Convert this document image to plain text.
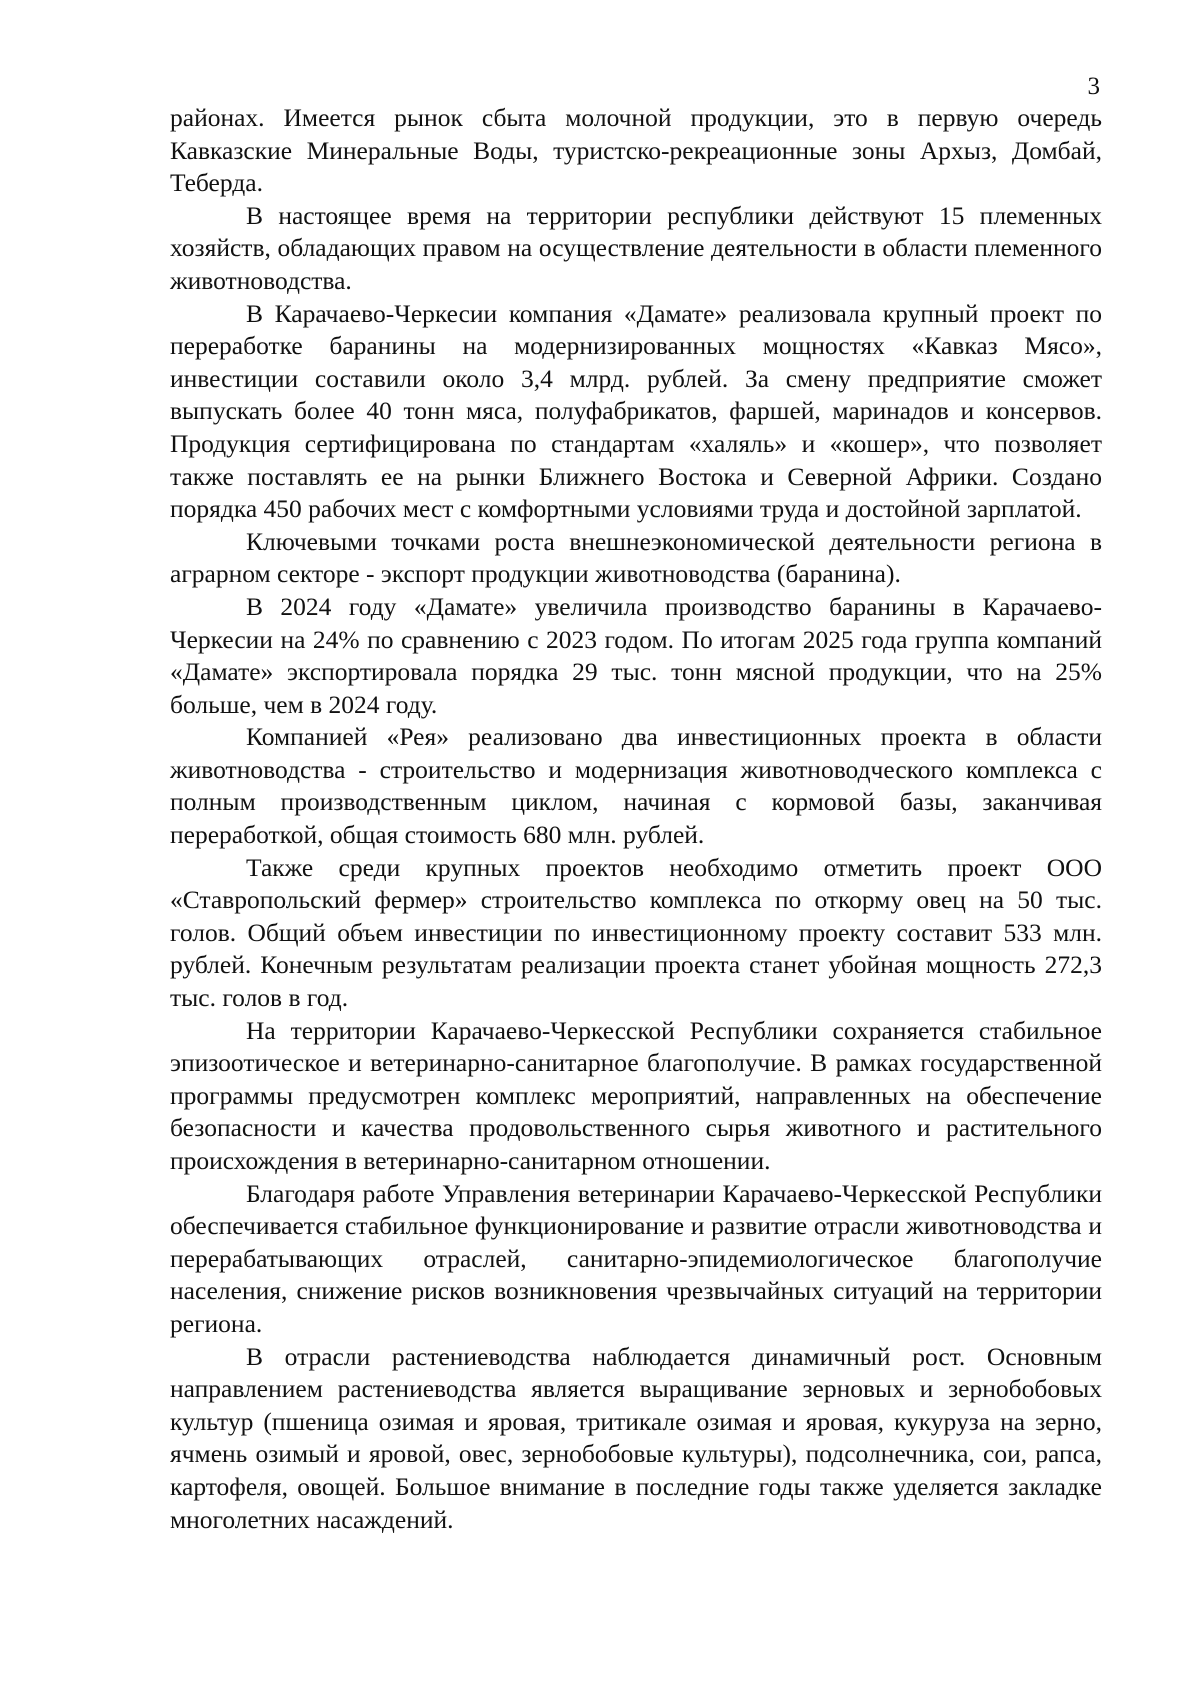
3

районах. Имеется рынок сбыта молочной продукции, это в первую очередь Кавказские Минеральные Воды, туристско-рекреационные зоны Архыз, Домбай, Теберда.

В настоящее время на территории республики действуют 15 племенных хозяйств, обладающих правом на осуществление деятельности в области племенного животноводства.

В Карачаево-Черкесии компания «Дамате» реализовала крупный проект по переработке баранины на модернизированных мощностях «Кавказ Мясо», инвестиции составили около 3,4 млрд. рублей. За смену предприятие сможет выпускать более 40 тонн мяса, полуфабрикатов, фаршей, маринадов и консервов. Продукция сертифицирована по стандартам «халяль» и «кошер», что позволяет также поставлять ее на рынки Ближнего Востока и Северной Африки. Создано порядка 450 рабочих мест с комфортными условиями труда и достойной зарплатой.

Ключевыми точками роста внешнеэкономической деятельности региона в аграрном секторе - экспорт продукции животноводства (баранина).

В 2024 году «Дамате» увеличила производство баранины в Карачаево-Черкесии на 24% по сравнению с 2023 годом. По итогам 2025 года группа компаний «Дамате» экспортировала порядка 29 тыс. тонн мясной продукции, что на 25% больше, чем в 2024 году.

Компанией «Рея» реализовано два инвестиционных проекта в области животноводства - строительство и модернизация животноводческого комплекса с полным производственным циклом, начиная с кормовой базы, заканчивая переработкой, общая стоимость 680 млн. рублей.

Также среди крупных проектов необходимо отметить проект ООО «Ставропольский фермер» строительство комплекса по откорму овец на 50 тыс. голов. Общий объем инвестиции по инвестиционному проекту составит 533 млн. рублей. Конечным результатам реализации проекта станет убойная мощность 272,3 тыс. голов в год.

На территории Карачаево-Черкесской Республики сохраняется стабильное эпизоотическое и ветеринарно-санитарное благополучие. В рамках государственной программы предусмотрен комплекс мероприятий, направленных на обеспечение безопасности и качества продовольственного сырья животного и растительного происхождения в ветеринарно-санитарном отношении.

Благодаря работе Управления ветеринарии Карачаево-Черкесской Республики обеспечивается стабильное функционирование и развитие отрасли животноводства и перерабатывающих отраслей, санитарно-эпидемиологическое благополучие населения, снижение рисков возникновения чрезвычайных ситуаций на территории региона.

В отрасли растениеводства наблюдается динамичный рост. Основным направлением растениеводства является выращивание зерновых и зернобобовых культур (пшеница озимая и яровая, тритикале озимая и яровая, кукуруза на зерно, ячмень озимый и яровой, овес, зернобобовые культуры), подсолнечника, сои, рапса, картофеля, овощей. Большое внимание в последние годы также уделяется закладке многолетних насаждений.
